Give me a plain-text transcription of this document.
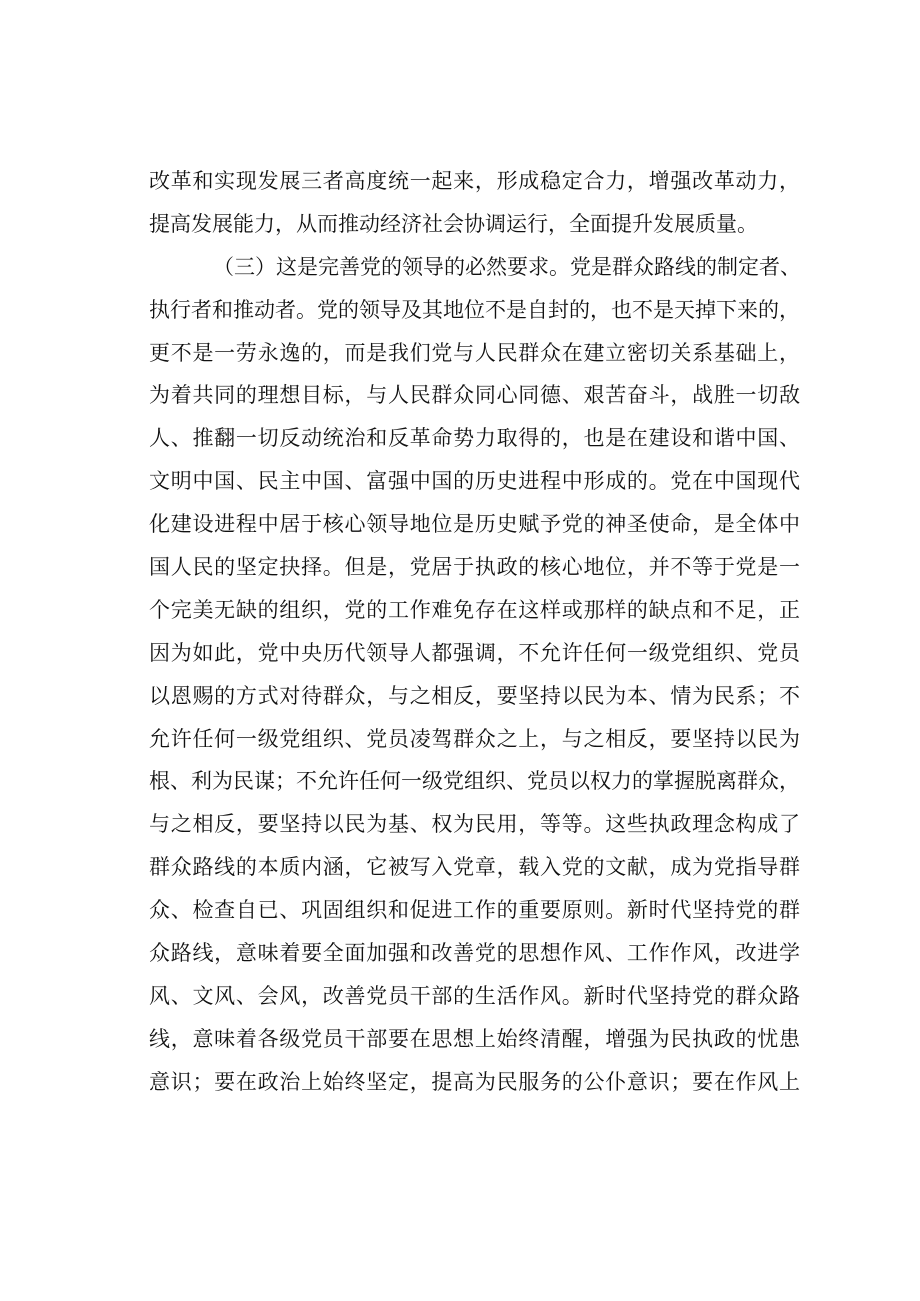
改革和实现发展三者高度统一起来，形成稳定合力，增强改革动力，
提高发展能力，从而推动经济社会协调运行，全面提升发展质量。
（三）这是完善党的领导的必然要求。党是群众路线的制定者、
执行者和推动者。党的领导及其地位不是自封的，也不是天掉下来的，
更不是一劳永逸的，而是我们党与人民群众在建立密切关系基础上，
为着共同的理想目标，与人民群众同心同德、艰苦奋斗，战胜一切敌
人、推翻一切反动统治和反革命势力取得的，也是在建设和谐中国、
文明中国、民主中国、富强中国的历史进程中形成的。党在中国现代
化建设进程中居于核心领导地位是历史赋予党的神圣使命，是全体中
国人民的坚定抉择。但是，党居于执政的核心地位，并不等于党是一
个完美无缺的组织，党的工作难免存在这样或那样的缺点和不足，正
因为如此，党中央历代领导人都强调，不允许任何一级党组织、党员
以恩赐的方式对待群众，与之相反，要坚持以民为本、情为民系；不
允许任何一级党组织、党员凌驾群众之上，与之相反，要坚持以民为
根、利为民谋；不允许任何一级党组织、党员以权力的掌握脱离群众，
与之相反，要坚持以民为基、权为民用，等等。这些执政理念构成了
群众路线的本质内涵，它被写入党章，载入党的文献，成为党指导群
众、检查自已、巩固组织和促进工作的重要原则。新时代坚持党的群
众路线，意味着要全面加强和改善党的思想作风、工作作风，改进学
风、文风、会风，改善党员干部的生活作风。新时代坚持党的群众路
线，意味着各级党员干部要在思想上始终清醒，增强为民执政的忧患
意识；要在政治上始终坚定，提高为民服务的公仆意识；要在作风上
